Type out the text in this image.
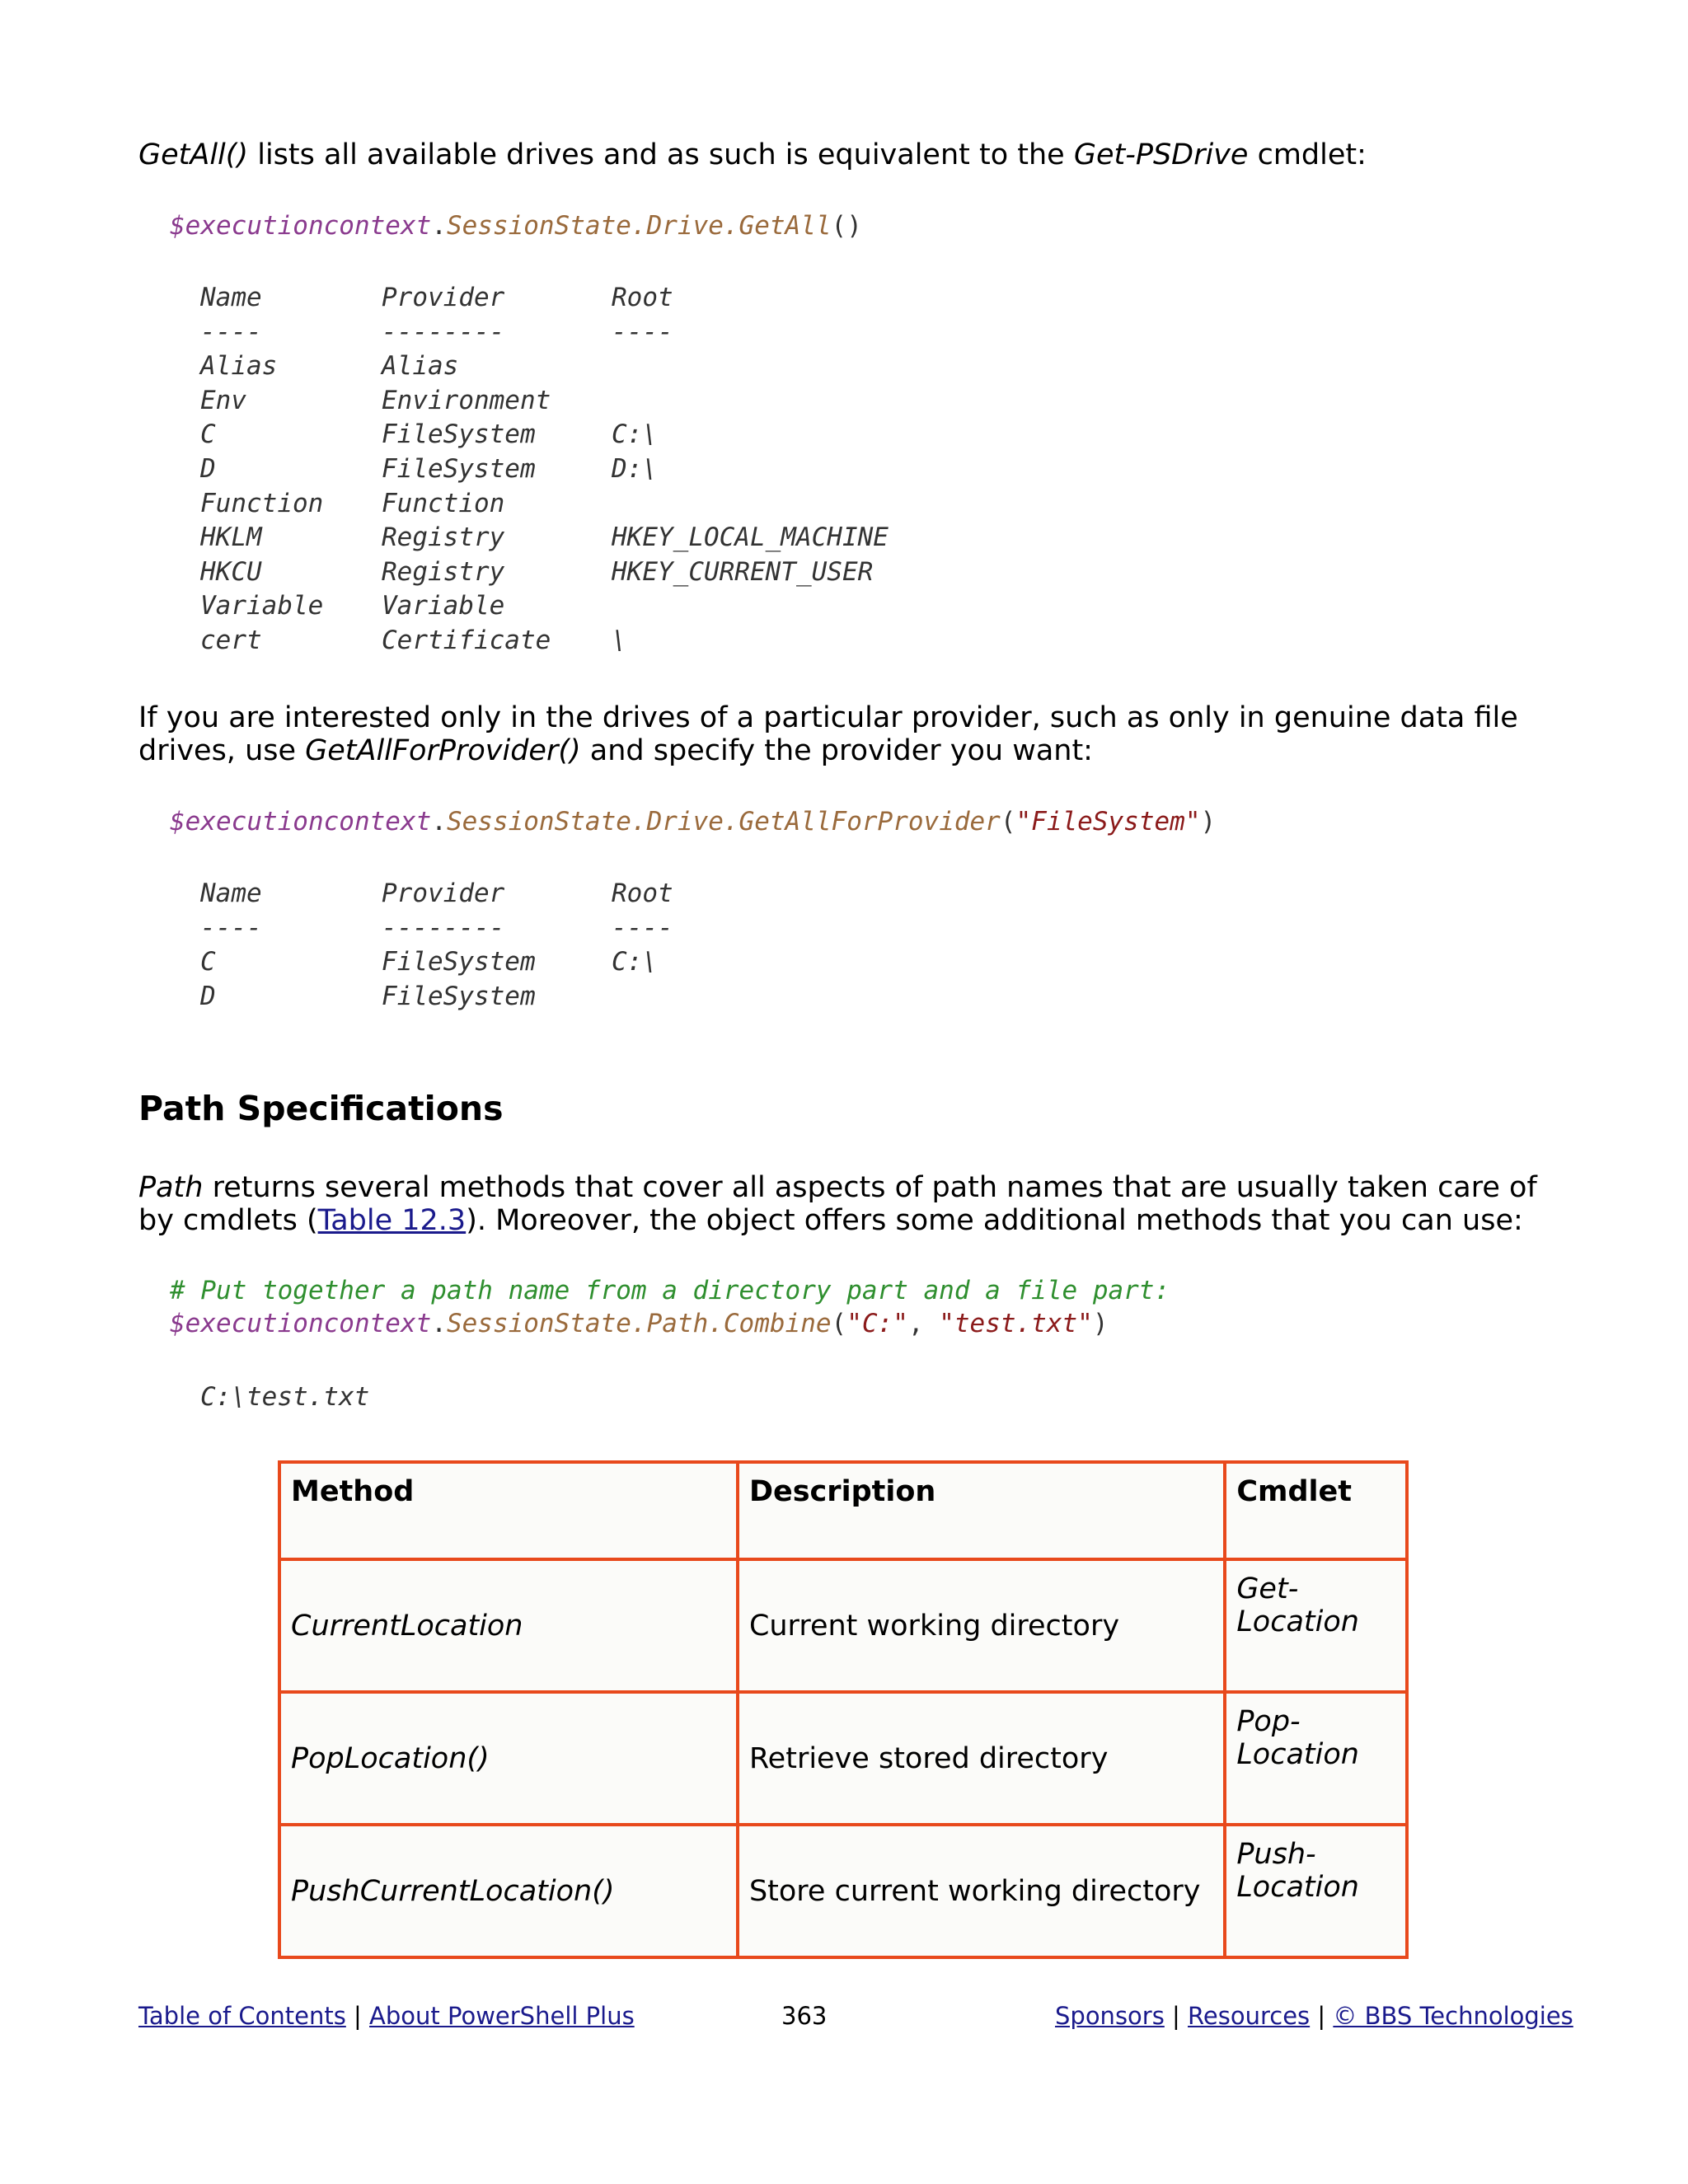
GetAll() lists all available drives and as such is equivalent to the Get-PSDrive cmdlet:

$executioncontext.SessionState.Drive.GetAll()
Name	Provider	Root
----	--------	----
Alias	Alias
Env	Environment
C	FileSystem	C:\
D	FileSystem	D:\
Function Function
HKLM	Registry	HKEY_LOCAL_MACHINE
HKCU	Registry	HKEY_CURRENT_USER
Variable Variable
cert	Certificate \

If you are interested only in the drives of a particular provider, such as only in genuine data file drives, use GetAllForProvider() and specify the provider you want:

$executioncontext.SessionState.Drive.GetAllForProvider("FileSystem")
Name	Provider	Root
----	--------	----
C	FileSystem	C:\
D	FileSystem
Path Specifications

Path returns several methods that cover all aspects of path names that are usually taken care of by cmdlets (Table 12.3). Moreover, the object offers some additional methods that you can use:

# Put together a path name from a directory part and a file part:
$executioncontext.SessionState.Path.Combine("C:", "test.txt")
C:\test.txt
Method	Description	Cmdlet
CurrentLocation	Current working directory	Get-
Location
PopLocation()	Retrieve stored directory	Pop-
Location
PushCurrentLocation()	Store current working directory	Push-
Location
Table of Contents | About PowerShell Plus	363	Sponsors | Resources | © BBS Technologies
